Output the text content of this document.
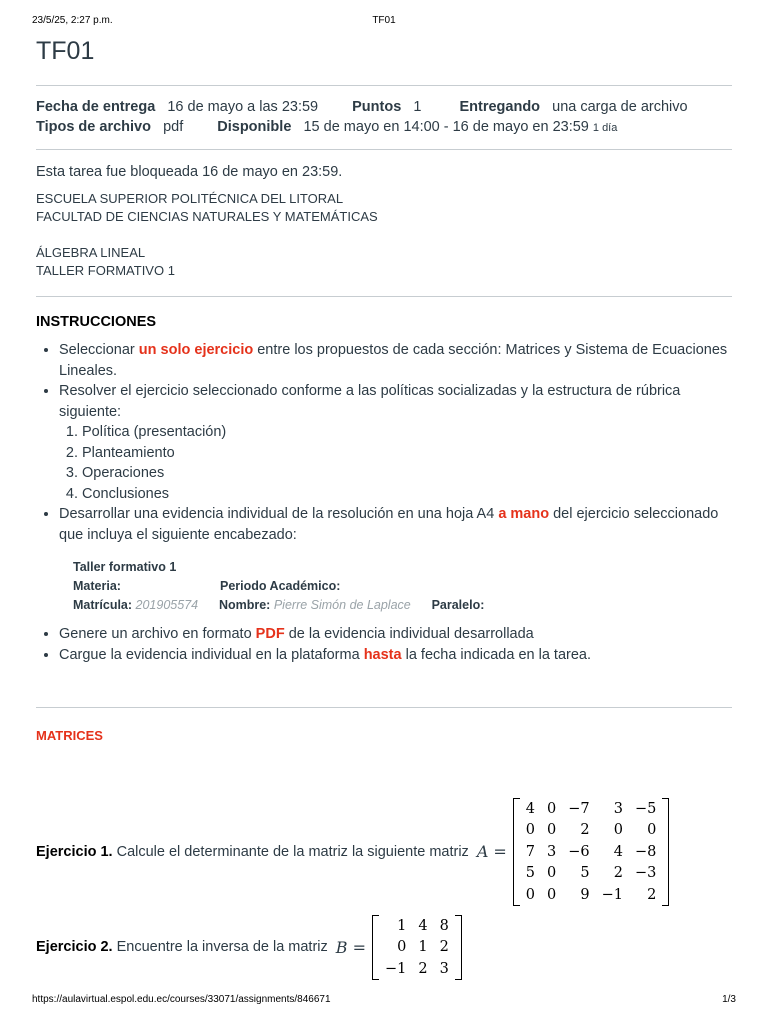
23/5/25, 2:27 p.m.	TF01
TF01
Fecha de entrega 16 de mayo a las 23:59 Puntos 1	Entregando una carga de archivo
Tipos de archivo pdf Disponible 15 de mayo en 14:00 - 16 de mayo en 23:59 1 día
Esta tarea fue bloqueada 16 de mayo en 23:59.

ESCUELA SUPERIOR POLITÉCNICA DEL LITORAL

FACULTAD DE CIENCIAS NATURALES Y MATEMÁTICAS

ÁLGEBRA LINEAL

TALLER FORMATIVO 1

INSTRUCCIONES
• Seleccionar un solo ejercicio entre los propuestos de cada sección: Matrices y Sistema de Ecuaciones Lineales.
• Resolver el ejercicio seleccionado conforme a las políticas socializadas y la estructura de rúbrica siguiente:
1. Política (presentación)
2. Planteamiento
3. Operaciones
4. Conclusiones
• Desarrollar una evidencia individual de la resolución en una hoja A4 a mano del ejercicio seleccionado que incluya el siguiente encabezado:
Taller formativo 1
Materia:	Periodo Académico:
Matrícula: 201905574 Nombre: Pierre Simón de Laplace Paralelo:
• Genere un archivo en formato PDF de la evidencia individual desarrollada
• Cargue la evidencia individual en la plataforma hasta la fecha indicada en la tarea.
MATRICES
Ejercicio 1. Calcule el determinante de la matriz la siguiente matriz A =
4	0	−7	3	−5
0	0	2	0	0
7	3	−6	4	−8
5	0	5	2	−3
0	0	9	−1	2
Ejercicio 2. Encuentre la inversa de la matriz B =
1	4	8
0	1	2
−1	2	3
https://aulavirtual.espol.edu.ec/courses/33071/assignments/846671	1/3
